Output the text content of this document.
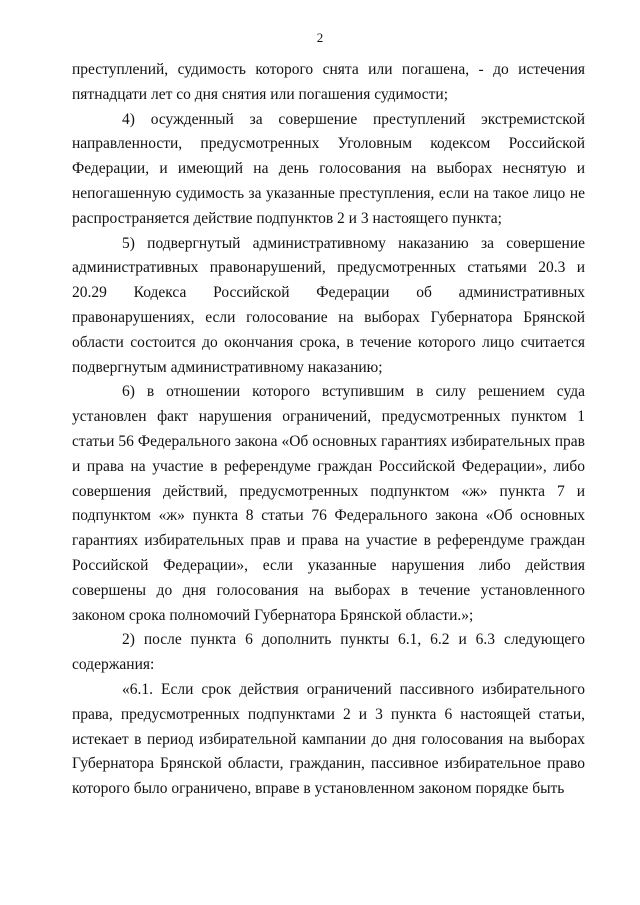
2

преступлений, судимость которого снята или погашена, - до истечения пятнадцати лет со дня снятия или погашения судимости;

4) осужденный за совершение преступлений экстремистской направленности, предусмотренных Уголовным кодексом Российской Федерации, и имеющий на день голосования на выборах неснятую и непогашенную судимость за указанные преступления, если на такое лицо не распространяется действие подпунктов 2 и 3 настоящего пункта;

5) подвергнутый административному наказанию за совершение административных правонарушений, предусмотренных статьями 20.3 и 20.29 Кодекса Российской Федерации об административных правонарушениях, если голосование на выборах Губернатора Брянской области состоится до окончания срока, в течение которого лицо считается подвергнутым административному наказанию;

6) в отношении которого вступившим в силу решением суда установлен факт нарушения ограничений, предусмотренных пунктом 1 статьи 56 Федерального закона «Об основных гарантиях избирательных прав и права на участие в референдуме граждан Российской Федерации», либо совершения действий, предусмотренных подпунктом «ж» пункта 7 и подпунктом «ж» пункта 8 статьи 76 Федерального закона «Об основных гарантиях избирательных прав и права на участие в референдуме граждан Российской Федерации», если указанные нарушения либо действия совершены до дня голосования на выборах в течение установленного законом срока полномочий Губернатора Брянской области.»;

2) после пункта 6 дополнить пункты 6.1, 6.2 и 6.3 следующего содержания:

«6.1. Если срок действия ограничений пассивного избирательного права, предусмотренных подпунктами 2 и 3 пункта 6 настоящей статьи, истекает в период избирательной кампании до дня голосования на выборах Губернатора Брянской области, гражданин, пассивное избирательное право которого было ограничено, вправе в установленном законом порядке быть
